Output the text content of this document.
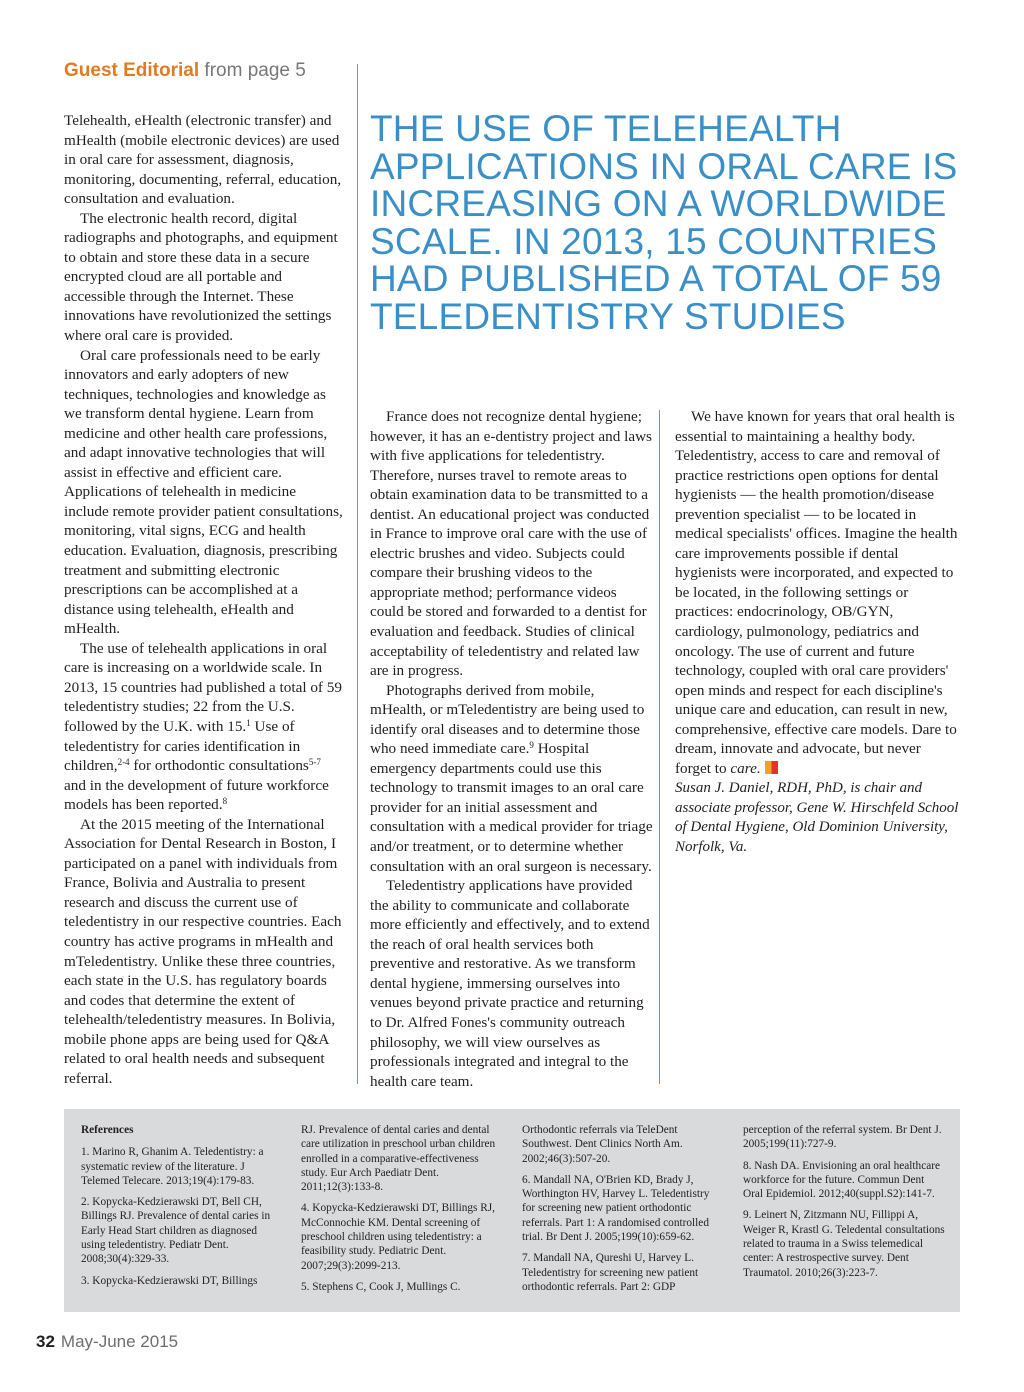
Guest Editorial from page 5

Telehealth, eHealth (electronic transfer) and mHealth (mobile electronic devices) are used in oral care for assessment, diagnosis, monitoring, documenting, referral, education, consultation and evaluation.

The electronic health record, digital radiographs and photographs, and equipment to obtain and store these data in a secure encrypted cloud are all portable and accessible through the Internet. These innovations have revolutionized the settings where oral care is provided.

Oral care professionals need to be early innovators and early adopters of new techniques, technologies and knowledge as we transform dental hygiene. Learn from medicine and other health care professions, and adapt innovative technologies that will assist in effective and efficient care. Applications of telehealth in medicine include remote provider patient consultations, monitoring, vital signs, ECG and health education. Evaluation, diagnosis, prescribing treatment and submitting electronic prescriptions can be accomplished at a distance using telehealth, eHealth and mHealth.

The use of telehealth applications in oral care is increasing on a worldwide scale. In 2013, 15 countries had published a total of 59 teledentistry studies; 22 from the U.S. followed by the U.K. with 15.$^1$ Use of teledentistry for caries identification in children,$^{2-4}$ for orthodontic consultations$^{5-7}$ and in the development of future workforce models has been reported.$^8$

At the 2015 meeting of the International Association for Dental Research in Boston, I participated on a panel with individuals from France, Bolivia and Australia to present research and discuss the current use of teledentistry in our respective countries. Each country has active programs in mHealth and mTeledentistry. Unlike these three countries, each state in the U.S. has regulatory boards and codes that determine the extent of telehealth/teledentistry measures. In Bolivia, mobile phone apps are being used for Q&A related to oral health needs and subsequent referral.

THE USE OF TELEHEALTH APPLICATIONS IN ORAL CARE IS INCREASING ON A WORLDWIDE SCALE. IN 2013, 15 COUNTRIES HAD PUBLISHED A TOTAL OF 59 TELEDENTISTRY STUDIES

France does not recognize dental hygiene; however, it has an e-dentistry project and laws with five applications for teledentistry. Therefore, nurses travel to remote areas to obtain examination data to be transmitted to a dentist. An educational project was conducted in France to improve oral care with the use of electric brushes and video. Subjects could compare their brushing videos to the appropriate method; performance videos could be stored and forwarded to a dentist for evaluation and feedback. Studies of clinical acceptability of teledentistry and related law are in progress.

Photographs derived from mobile, mHealth, or mTeledentistry are being used to identify oral diseases and to determine those who need immediate care.$^9$ Hospital emergency departments could use this technology to transmit images to an oral care provider for an initial assessment and consultation with a medical provider for triage and/or treatment, or to determine whether consultation with an oral surgeon is necessary.

Teledentistry applications have provided the ability to communicate and collaborate more efficiently and effectively, and to extend the reach of oral health services both preventive and restorative. As we transform dental hygiene, immersing ourselves into venues beyond private practice and returning to Dr. Alfred Fones's community outreach philosophy, we will view ourselves as professionals integrated and integral to the health care team.

We have known for years that oral health is essential to maintaining a healthy body. Teledentistry, access to care and removal of practice restrictions open options for dental hygienists — the health promotion/disease prevention specialist — to be located in medical specialists' offices. Imagine the health care improvements possible if dental hygienists were incorporated, and expected to be located, in the following settings or practices: endocrinology, OB/GYN, cardiology, pulmonology, pediatrics and oncology. The use of current and future technology, coupled with oral care providers' open minds and respect for each discipline's unique care and education, can result in new, comprehensive, effective care models. Dare to dream, innovate and advocate, but never forget to care.

Susan J. Daniel, RDH, PhD, is chair and associate professor, Gene W. Hirschfeld School of Dental Hygiene, Old Dominion University, Norfolk, Va.

References

1. Marino R, Ghanim A. Teledentistry: a systematic review of the literature. J Telemed Telecare. 2013;19(4):179-83.

2. Kopycka-Kedzierawski DT, Bell CH, Billings RJ. Prevalence of dental caries in Early Head Start children as diagnosed using teledentistry. Pediatr Dent. 2008;30(4):329-33.

3. Kopycka-Kedzierawski DT, Billings

RJ. Prevalence of dental caries and dental care utilization in preschool urban children enrolled in a comparative-effectiveness study. Eur Arch Paediatr Dent. 2011;12(3):133-8.

4. Kopycka-Kedzierawski DT, Billings RJ, McConnochie KM. Dental screening of preschool children using teledentistry: a feasibility study. Pediatric Dent. 2007;29(3):2099-213.

5. Stephens C, Cook J, Mullings C.

Orthodontic referrals via TeleDent Southwest. Dent Clinics North Am. 2002;46(3):507-20.

6. Mandall NA, O'Brien KD, Brady J, Worthington HV, Harvey L. Teledentistry for screening new patient orthodontic referrals. Part 1: A randomised controlled trial. Br Dent J. 2005;199(10):659-62.

7. Mandall NA, Qureshi U, Harvey L. Teledentistry for screening new patient orthodontic referrals. Part 2: GDP

perception of the referral system. Br Dent J. 2005;199(11):727-9.

8. Nash DA. Envisioning an oral healthcare workforce for the future. Commun Dent Oral Epidemiol. 2012;40(suppl.S2):141-7.

9. Leinert N, Zitzmann NU, Fillippi A, Weiger R, Krastl G. Teledental consultations related to trauma in a Swiss telemedical center: A restrospective survey. Dent Traumatol. 2010;26(3):223-7.

32 May-June 2015
